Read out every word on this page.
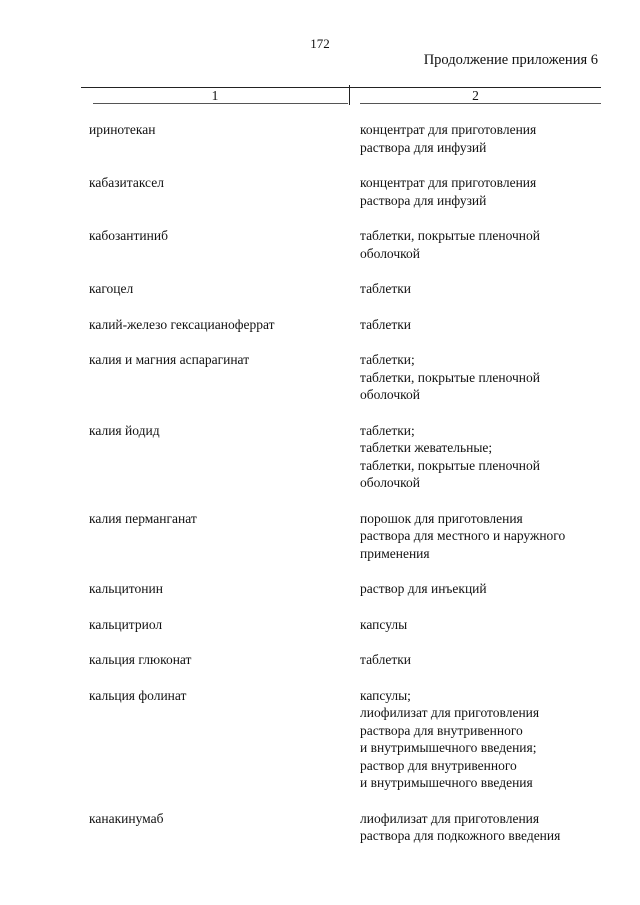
172
Продолжение приложения 6
1	2
иринотекан	концентрат для приготовления
раствора для инфузий
кабазитаксел	концентрат для приготовления
раствора для инфузий
кабозантиниб	таблетки, покрытые пленочной
оболочкой
кагоцел	таблетки
калий-железо гексацианоферрат	таблетки
калия и магния аспарагинат	таблетки;
таблетки, покрытые пленочной
оболочкой
калия йодид	таблетки;
таблетки жевательные;
таблетки, покрытые пленочной
оболочкой
калия перманганат	порошок для приготовления
раствора для местного и наружного
применения
кальцитонин	раствор для инъекций
кальцитриол	капсулы
кальция глюконат	таблетки
кальция фолинат	капсулы;
лиофилизат для приготовления
раствора для внутривенного
и внутримышечного введения;
раствор для внутривенного
и внутримышечного введения
канакинумаб	лиофилизат для приготовления
раствора для подкожного введения
